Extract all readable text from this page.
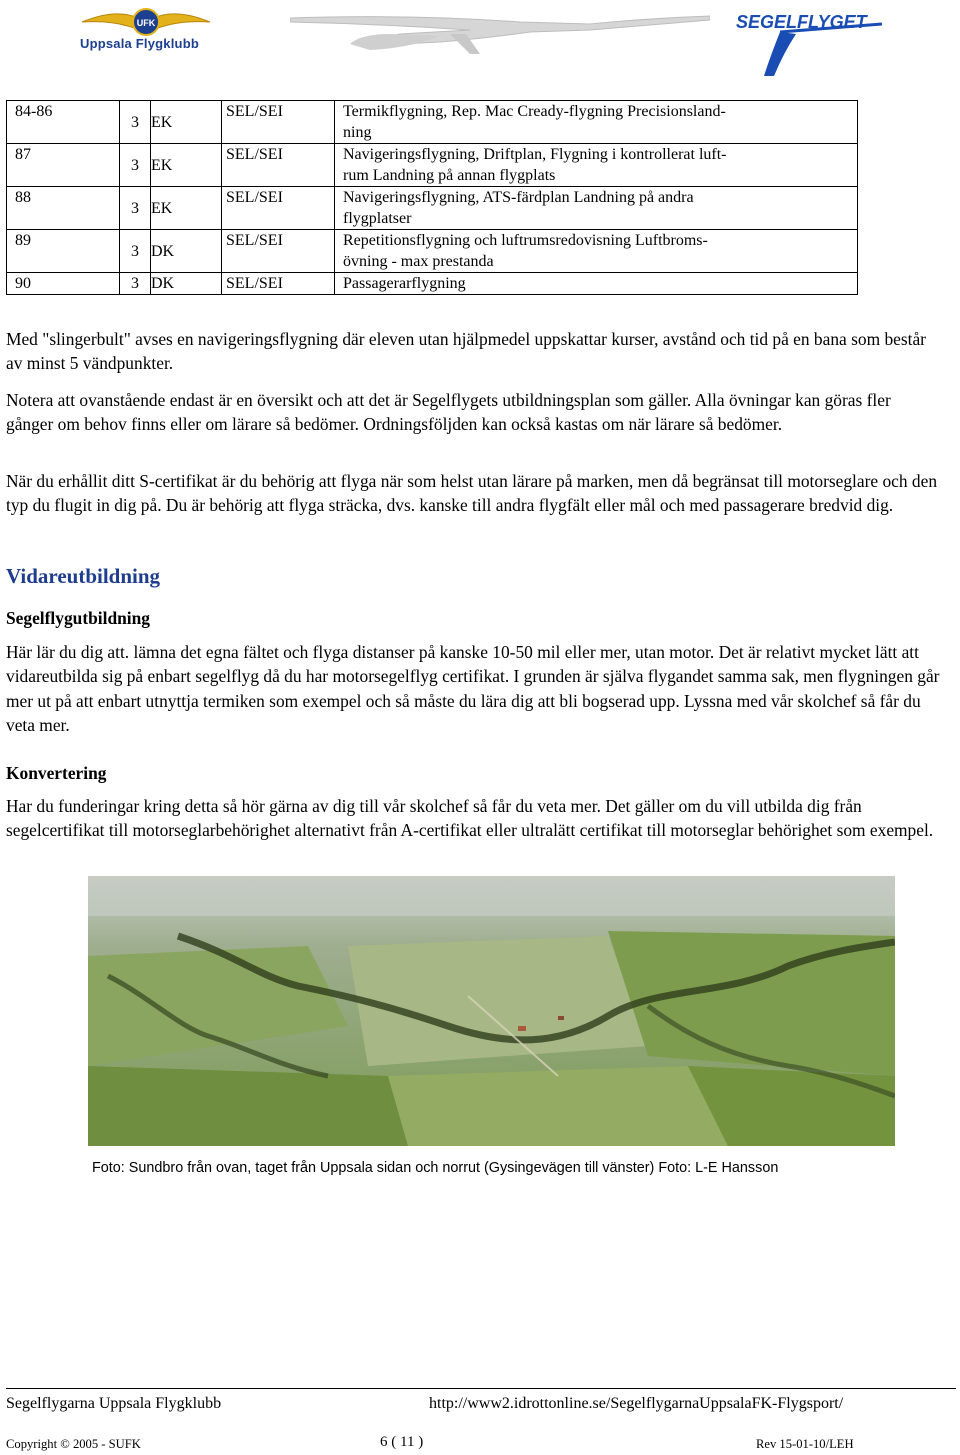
UFK
Uppsala Flygklubb
SEGELFLYGET
84-86	3	EK	SEL/SEI	Termikflygning, Rep. Mac Cready-flygning Precisionsland-
ning

87	3	EK	SEL/SEI	Navigeringsflygning, Driftplan, Flygning i kontrollerat luft-
rum Landning på annan flygplats

88	3	EK	SEL/SEI	Navigeringsflygning, ATS-färdplan Landning på andra
flygplatser

89	3	DK	SEL/SEI	Repetitionsflygning och luftrumsredovisning Luftbroms-
övning - max prestanda

90	3	DK	SEL/SEI	Passagerarflygning

Med "slingerbult" avses en navigeringsflygning där eleven utan hjälpmedel uppskattar kurser, avstånd och tid på en bana som består av minst 5 vändpunkter.

Notera att ovanstående endast är en översikt och att det är Segelflygets utbildningsplan som gäller. Alla övningar kan göras fler gånger om behov finns eller om lärare så bedömer. Ordningsföljden kan också kastas om när lärare så bedömer.

När du erhållit ditt S-certifikat är du behörig att flyga när som helst utan lärare på marken, men då begränsat till motorseglare och den typ du flugit in dig på. Du är behörig att flyga sträcka, dvs. kanske till andra flygfält eller mål och med passagerare bredvid dig.

Vidareutbildning
Segelflygutbildning

Här lär du dig att. lämna det egna fältet och flyga distanser på kanske 10-50 mil eller mer, utan motor. Det är relativt mycket lätt att vidareutbilda sig på enbart segelflyg då du har motorsegelflyg certifikat. I grunden är själva flygandet samma sak, men flygningen går mer ut på att enbart utnyttja termiken som exempel och så måste du lära dig att bli bogserad upp. Lyssna med vår skolchef så får du veta mer.

Konvertering

Har du funderingar kring detta så hör gärna av dig till vår skolchef så får du veta mer. Det gäller om du vill utbilda dig från segelcertifikat till motorseglarbehörighet alternativt från A-certifikat eller ultralätt certifikat till motorseglar behörighet som exempel.

Foto: Sundbro från ovan, taget från Uppsala sidan och norrut (Gysingevägen till vänster) Foto: L-E Hansson
Segelflygarna Uppsala Flygklubb	http://www2.idrottonline.se/SegelflygarnaUppsalaFK-Flygsport/
Copyright © 2005 - SUFK	6 ( 11 )	Rev 15-01-10/LEH
